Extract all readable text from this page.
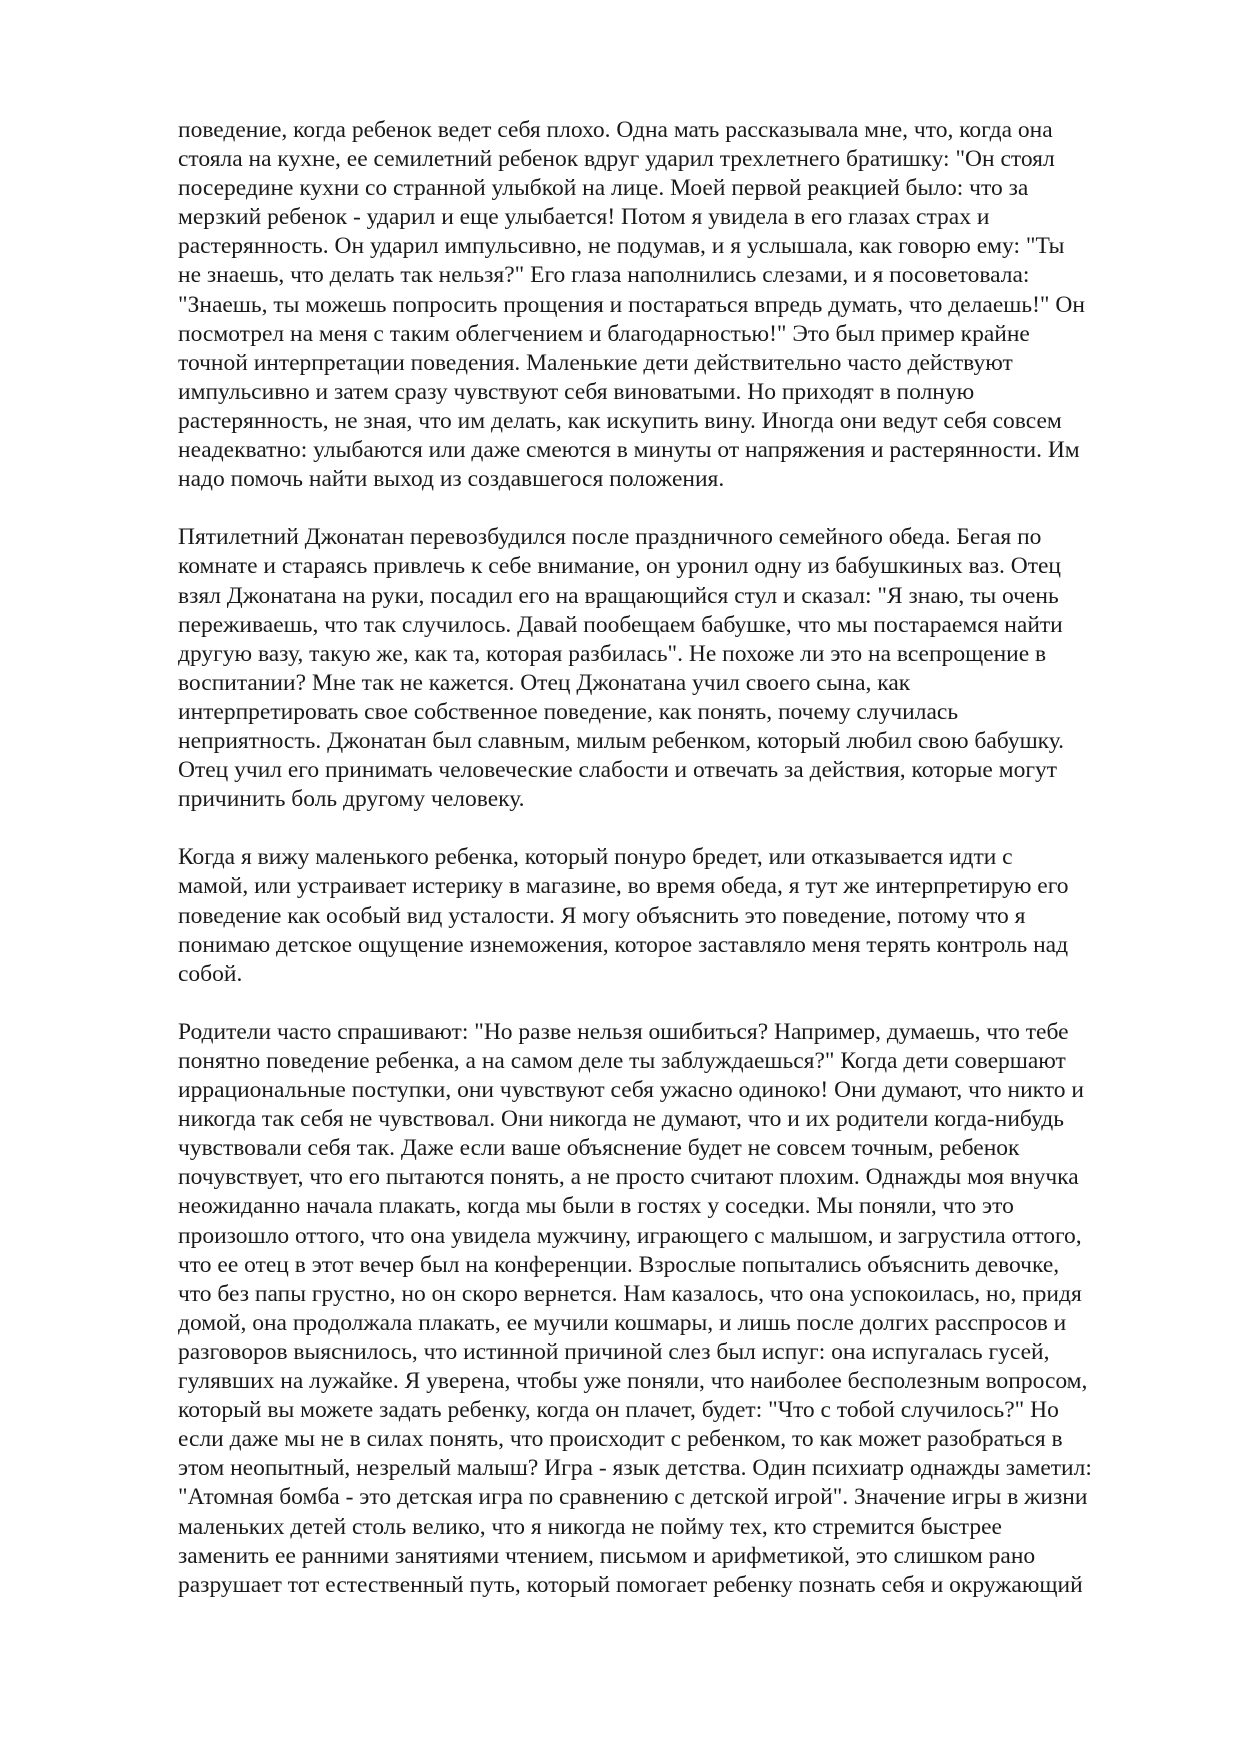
поведение, когда ребенок ведет себя плохо. Одна мать рассказывала мне, что, когда она
стояла на кухне, ее семилетний ребенок вдруг ударил трехлетнего братишку: "Он стоял
посередине кухни со странной улыбкой на лице. Моей первой реакцией было: что за
мерзкий ребенок - ударил и еще улыбается! Потом я увидела в его глазах страх и
растерянность. Он ударил импульсивно, не подумав, и я услышала, как говорю ему: "Ты
не знаешь, что делать так нельзя?" Его глаза наполнились слезами, и я посоветовала:
"Знаешь, ты можешь попросить прощения и постараться впредь думать, что делаешь!" Он
посмотрел на меня с таким облегчением и благодарностью!" Это был пример крайне
точной интерпретации поведения. Маленькие дети действительно часто действуют
импульсивно и затем сразу чувствуют себя виноватыми. Но приходят в полную
растерянность, не зная, что им делать, как искупить вину. Иногда они ведут себя совсем
неадекватно: улыбаются или даже смеются в минуты от напряжения и растерянности. Им
надо помочь найти выход из создавшегося положения.
Пятилетний Джонатан перевозбудился после праздничного семейного обеда. Бегая по
комнате и стараясь привлечь к себе внимание, он уронил одну из бабушкиных ваз. Отец
взял Джонатана на руки, посадил его на вращающийся стул и сказал: "Я знаю, ты очень
переживаешь, что так случилось. Давай пообещаем бабушке, что мы постараемся найти
другую вазу, такую же, как та, которая разбилась". Не похоже ли это на всепрощение в
воспитании? Мне так не кажется. Отец Джонатана учил своего сына, как
интерпретировать свое собственное поведение, как понять, почему случилась
неприятность. Джонатан был славным, милым ребенком, который любил свою бабушку.
Отец учил его принимать человеческие слабости и отвечать за действия, которые могут
причинить боль другому человеку.
Когда я вижу маленького ребенка, который понуро бредет, или отказывается идти с
мамой, или устраивает истерику в магазине, во время обеда, я тут же интерпретирую его
поведение как особый вид усталости. Я могу объяснить это поведение, потому что я
понимаю детское ощущение изнеможения, которое заставляло меня терять контроль над
собой.
Родители часто спрашивают: "Но разве нельзя ошибиться? Например, думаешь, что тебе
понятно поведение ребенка, а на самом деле ты заблуждаешься?" Когда дети совершают
иррациональные поступки, они чувствуют себя ужасно одиноко! Они думают, что никто и
никогда так себя не чувствовал. Они никогда не думают, что и их родители когда-нибудь
чувствовали себя так. Даже если ваше объяснение будет не совсем точным, ребенок
почувствует, что его пытаются понять, а не просто считают плохим. Однажды моя внучка
неожиданно начала плакать, когда мы были в гостях у соседки. Мы поняли, что это
произошло оттого, что она увидела мужчину, играющего с малышом, и загрустила оттого,
что ее отец в этот вечер был на конференции. Взрослые попытались объяснить девочке,
что без папы грустно, но он скоро вернется. Нам казалось, что она успокоилась, но, придя
домой, она продолжала плакать, ее мучили кошмары, и лишь после долгих расспросов и
разговоров выяснилось, что истинной причиной слез был испуг: она испугалась гусей,
гулявших на лужайке. Я уверена, чтобы уже поняли, что наиболее бесполезным вопросом,
который вы можете задать ребенку, когда он плачет, будет: "Что с тобой случилось?" Но
если даже мы не в силах понять, что происходит с ребенком, то как может разобраться в
этом неопытный, незрелый малыш? Игра - язык детства. Один психиатр однажды заметил:
"Атомная бомба - это детская игра по сравнению с детской игрой". Значение игры в жизни
маленьких детей столь велико, что я никогда не пойму тех, кто стремится быстрее
заменить ее ранними занятиями чтением, письмом и арифметикой, это слишком рано
разрушает тот естественный путь, который помогает ребенку познать себя и окружающий
